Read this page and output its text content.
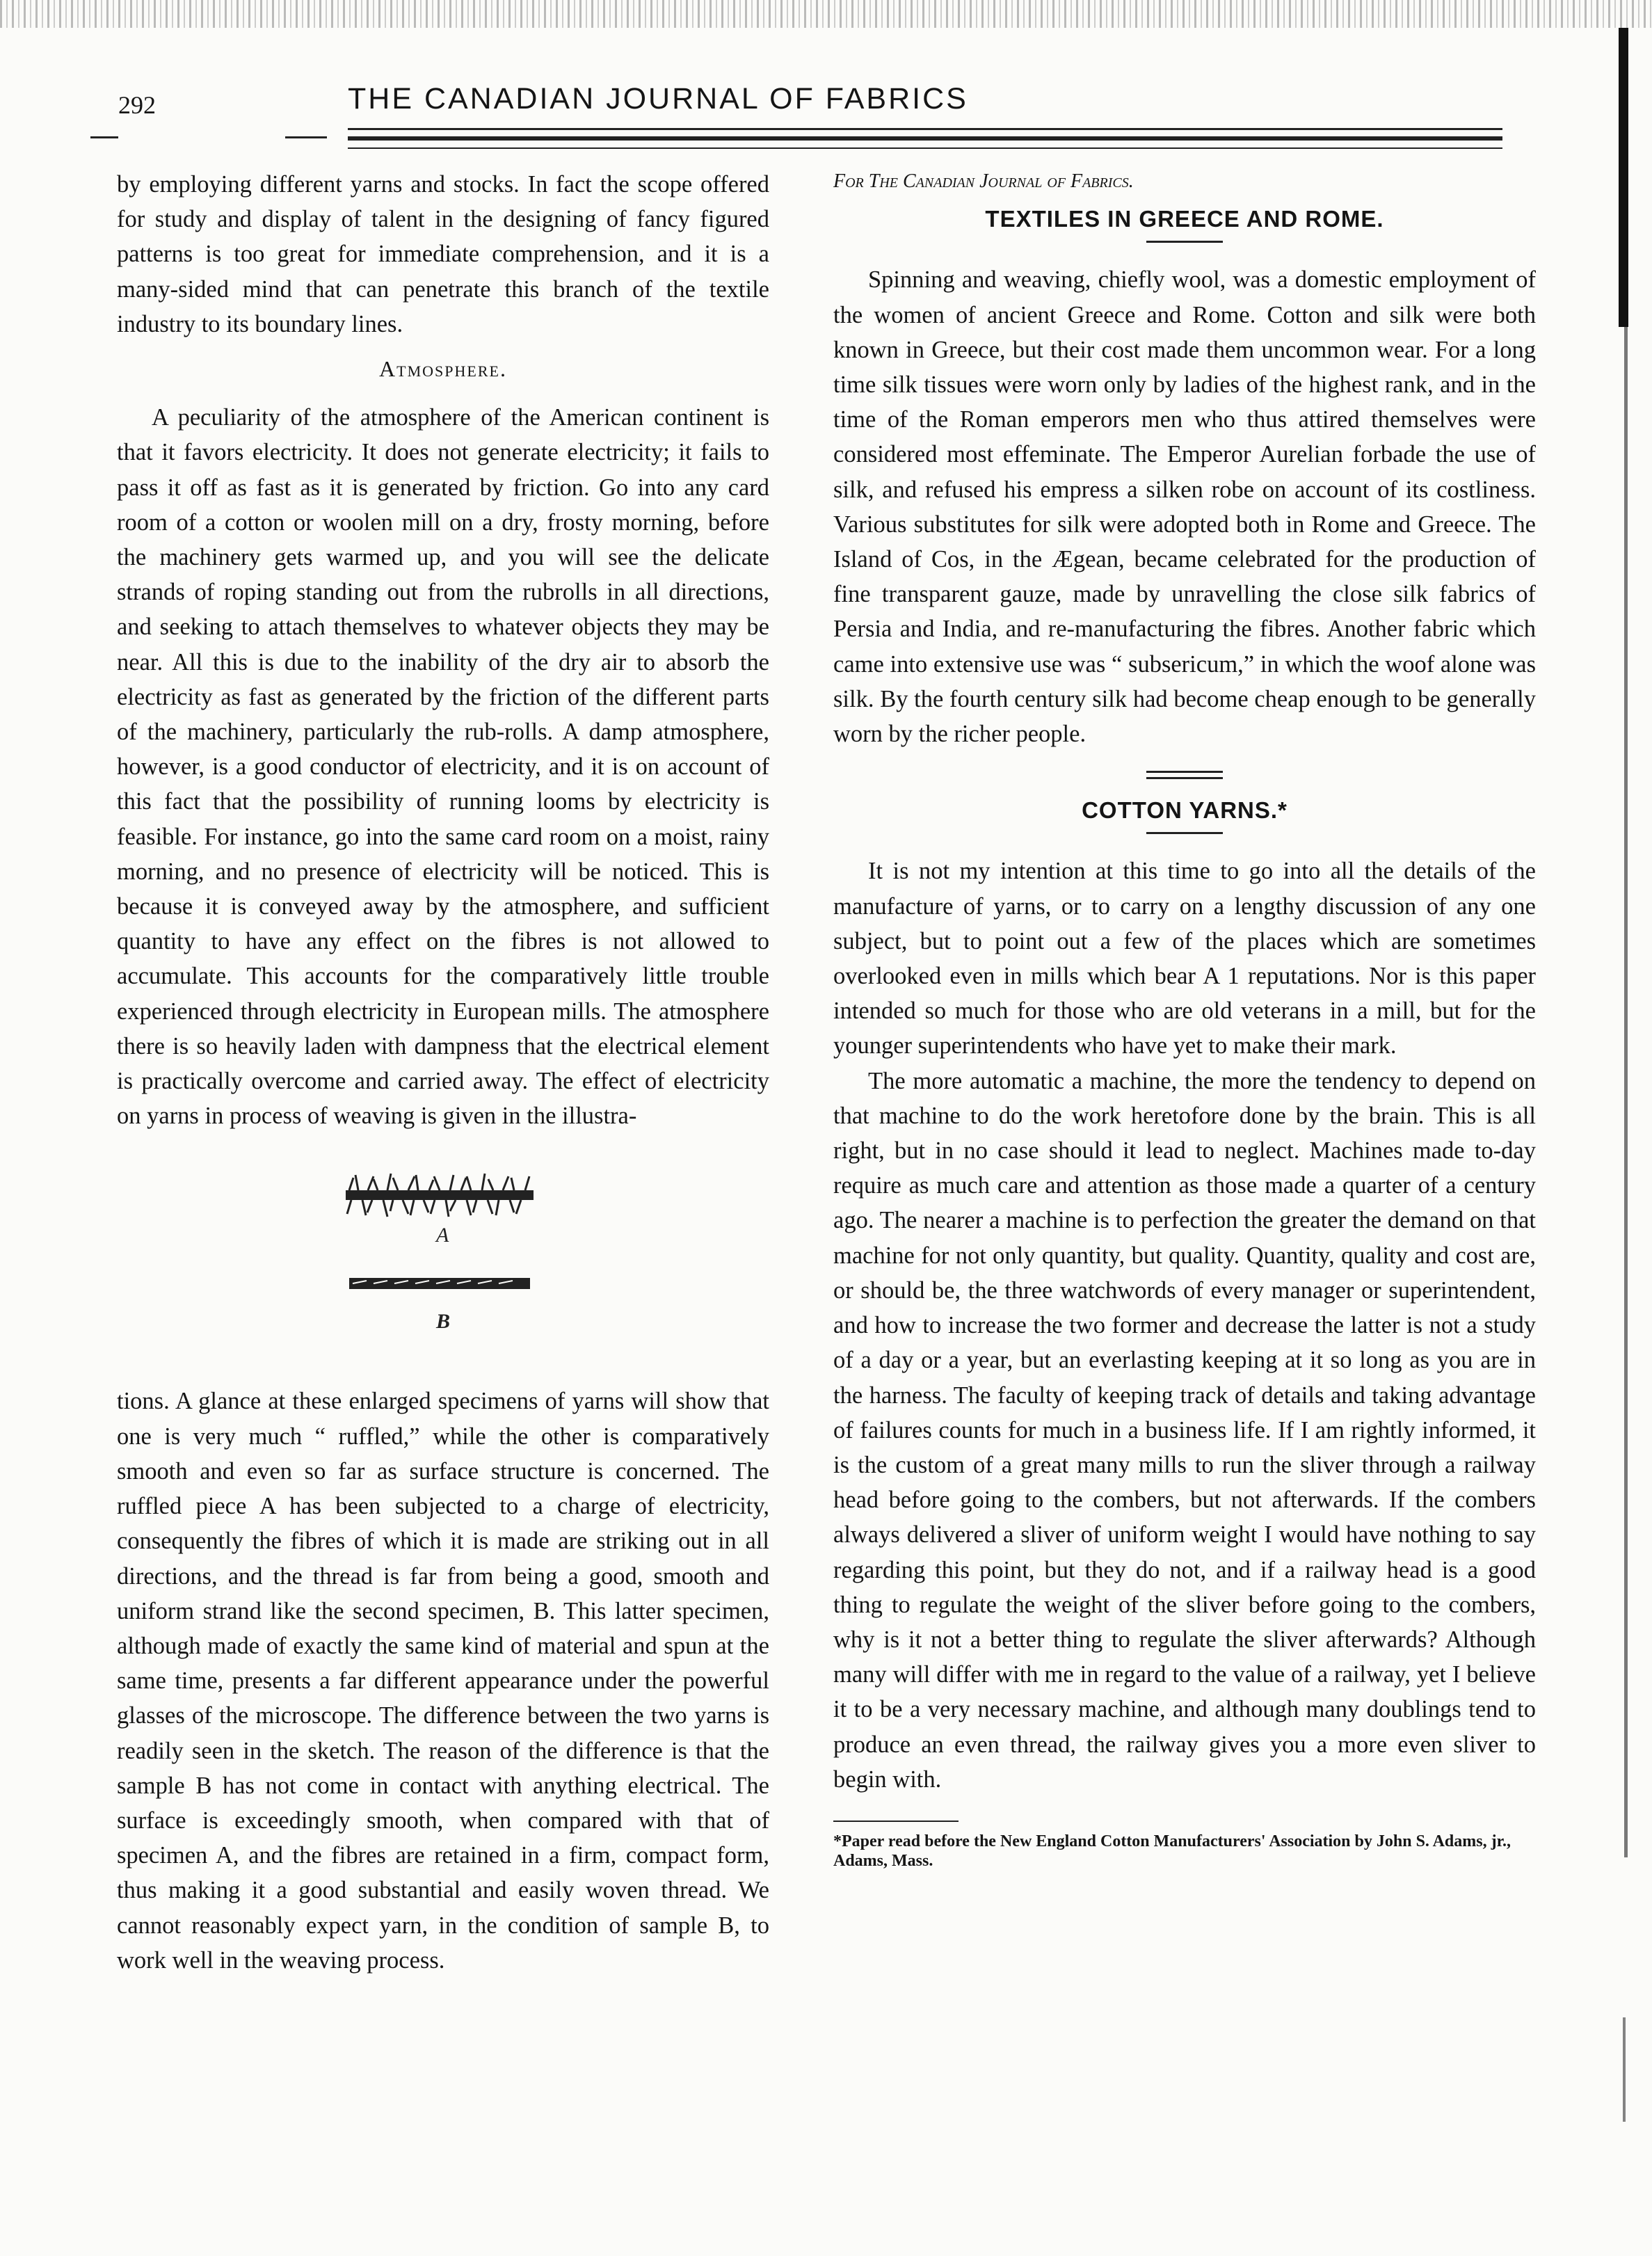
292	THE CANADIAN JOURNAL OF FABRICS

by employing different yarns and stocks. In fact the scope offered for study and display of talent in the designing of fancy figured patterns is too great for immediate comprehension, and it is a many-sided mind that can penetrate this branch of the textile industry to its boundary lines.

Atmosphere.

A peculiarity of the atmosphere of the American continent is that it favors electricity. It does not generate electricity; it fails to pass it off as fast as it is generated by friction. Go into any card room of a cotton or woolen mill on a dry, frosty morning, before the machinery gets warmed up, and you will see the delicate strands of roping standing out from the rubrolls in all directions, and seeking to attach themselves to whatever objects they may be near. All this is due to the inability of the dry air to absorb the electricity as fast as generated by the friction of the different parts of the machinery, particularly the rub-rolls. A damp atmosphere, however, is a good conductor of electricity, and it is on account of this fact that the possibility of running looms by electricity is feasible. For instance, go into the same card room on a moist, rainy morning, and no presence of electricity will be noticed. This is because it is conveyed away by the atmosphere, and sufficient quantity to have any effect on the fibres is not allowed to accumulate. This accounts for the comparatively little trouble experienced through electricity in European mills. The atmosphere there is so heavily laden with dampness that the electrical element is practically overcome and carried away. The effect of electricity on yarns in process of weaving is given in the illustra-

A
B

tions. A glance at these enlarged specimens of yarns will show that one is very much “ ruffled,” while the other is comparatively smooth and even so far as surface structure is concerned. The ruffled piece A has been subjected to a charge of electricity, consequently the fibres of which it is made are striking out in all directions, and the thread is far from being a good, smooth and uniform strand like the second specimen, B. This latter specimen, although made of exactly the same kind of material and spun at the same time, presents a far different appearance under the powerful glasses of the microscope. The difference between the two yarns is readily seen in the sketch. The reason of the difference is that the sample B has not come in contact with anything electrical. The surface is exceedingly smooth, when compared with that of specimen A, and the fibres are retained in a firm, compact form, thus making it a good substantial and easily woven thread. We cannot reasonably expect yarn, in the condition of sample B, to work well in the weaving process.

For The Canadian Journal of Fabrics.
TEXTILES IN GREECE AND ROME.

Spinning and weaving, chiefly wool, was a domestic employment of the women of ancient Greece and Rome. Cotton and silk were both known in Greece, but their cost made them uncommon wear. For a long time silk tissues were worn only by ladies of the highest rank, and in the time of the Roman emperors men who thus attired themselves were considered most effeminate. The Emperor Aurelian forbade the use of silk, and refused his empress a silken robe on account of its costliness. Various substitutes for silk were adopted both in Rome and Greece. The Island of Cos, in the Ægean, became celebrated for the production of fine transparent gauze, made by unravelling the close silk fabrics of Persia and India, and re-manufacturing the fibres. Another fabric which came into extensive use was “ subsericum,” in which the woof alone was silk. By the fourth century silk had become cheap enough to be generally worn by the richer people.

COTTON YARNS.*

It is not my intention at this time to go into all the details of the manufacture of yarns, or to carry on a lengthy discussion of any one subject, but to point out a few of the places which are sometimes overlooked even in mills which bear A 1 reputations. Nor is this paper intended so much for those who are old veterans in a mill, but for the younger superintendents who have yet to make their mark.

The more automatic a machine, the more the tendency to depend on that machine to do the work heretofore done by the brain. This is all right, but in no case should it lead to neglect. Machines made to-day require as much care and attention as those made a quarter of a century ago. The nearer a machine is to perfection the greater the demand on that machine for not only quantity, but quality. Quantity, quality and cost are, or should be, the three watchwords of every manager or superintendent, and how to increase the two former and decrease the latter is not a study of a day or a year, but an everlasting keeping at it so long as you are in the harness. The faculty of keeping track of details and taking advantage of failures counts for much in a business life. If I am rightly informed, it is the custom of a great many mills to run the sliver through a railway head before going to the combers, but not afterwards. If the combers always delivered a sliver of uniform weight I would have nothing to say regarding this point, but they do not, and if a railway head is a good thing to regulate the weight of the sliver before going to the combers, why is it not a better thing to regulate the sliver afterwards? Although many will differ with me in regard to the value of a railway, yet I believe it to be a very necessary machine, and although many doublings tend to produce an even thread, the railway gives you a more even sliver to begin with.

*Paper read before the New England Cotton Manufacturers' Association by John S. Adams, jr., Adams, Mass.
